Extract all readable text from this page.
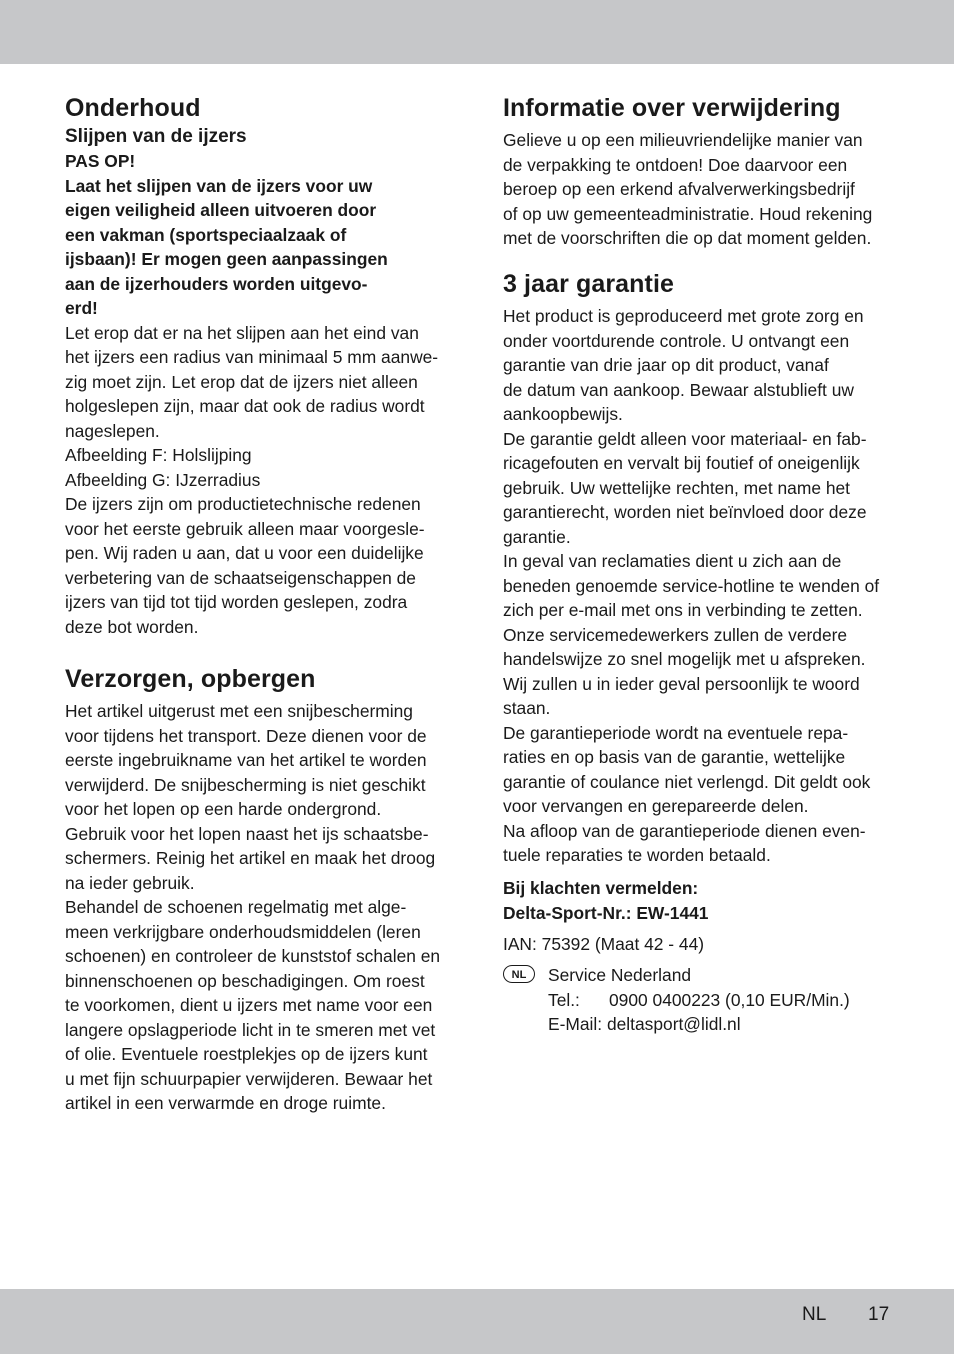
Onderhoud

Slijpen van de ijzers

PAS OP!

Laat het slijpen van de ijzers voor uw
eigen veiligheid alleen uitvoeren door
een vakman (sportspeciaalzaak of
ijsbaan)! Er mogen geen aanpassingen
aan de ijzerhouders worden uitgevo-
erd!
Let erop dat er na het slijpen aan het eind van
het ijzers een radius van minimaal 5 mm aanwe-
zig moet zijn. Let erop dat de ijzers niet alleen
holgeslepen zijn, maar dat ook de radius wordt
nageslepen.
Afbeelding F: Holslijping
Afbeelding G: IJzerradius
De ijzers zijn om productietechnische redenen
voor het eerste gebruik alleen maar voorgesle-
pen. Wij raden u aan, dat u voor een duidelijke
verbetering van de schaatseigenschappen de
ijzers van tijd tot tijd worden geslepen, zodra
deze bot worden.
Verzorgen, opbergen
Het artikel uitgerust met een snijbescherming
voor tijdens het transport. Deze dienen voor de
eerste ingebruikname van het artikel te worden
verwijderd. De snijbescherming is niet geschikt
voor het lopen op een harde ondergrond.
Gebruik voor het lopen naast het ijs schaatsbe-
schermers. Reinig het artikel en maak het droog
na ieder gebruik.
Behandel de schoenen regelmatig met alge-
meen verkrijgbare onderhoudsmiddelen (leren
schoenen) en controleer de kunststof schalen en
binnenschoenen op beschadigingen. Om roest
te voorkomen, dient u ijzers met name voor een
langere opslagperiode licht in te smeren met vet
of olie. Eventuele roestplekjes op de ijzers kunt
u met fijn schuurpapier verwijderen. Bewaar het
artikel in een verwarmde en droge ruimte.
Informatie over verwijdering
Gelieve u op een milieuvriendelijke manier van
de verpakking te ontdoen! Doe daarvoor een
beroep op een erkend afvalverwerkingsbedrijf
of op uw gemeenteadministratie. Houd rekening
met de voorschriften die op dat moment gelden.
3 jaar garantie
Het product is geproduceerd met grote zorg en
onder voortdurende controle. U ontvangt een
garantie van drie jaar op dit product, vanaf
de datum van aankoop. Bewaar alstublieft uw
aankoopbewijs.
De garantie geldt alleen voor materiaal- en fab-
ricagefouten en vervalt bij foutief of oneigenlijk
gebruik. Uw wettelijke rechten, met name het
garantierecht, worden niet beïnvloed door deze
garantie.
In geval van reclamaties dient u zich aan de
beneden genoemde service-hotline te wenden of
zich per e-mail met ons in verbinding te zetten.
Onze servicemedewerkers zullen de verdere
handelswijze zo snel mogelijk met u afspreken.
Wij zullen u in ieder geval persoonlijk te woord
staan.
De garantieperiode wordt na eventuele repa-
raties en op basis van de garantie, wettelijke
garantie of coulance niet verlengd. Dit geldt ook
voor vervangen en gerepareerde delen.
Na afloop van de garantieperiode dienen even-
tuele reparaties te worden betaald.
Bij klachten vermelden:
Delta-Sport-Nr.: EW-1441
IAN: 75392 (Maat 42 - 44)
NL	Service Nederland
Tel.: 0900 0400223 (0,10 EUR/Min.)
E-Mail: deltasport@lidl.nl
NL 17
